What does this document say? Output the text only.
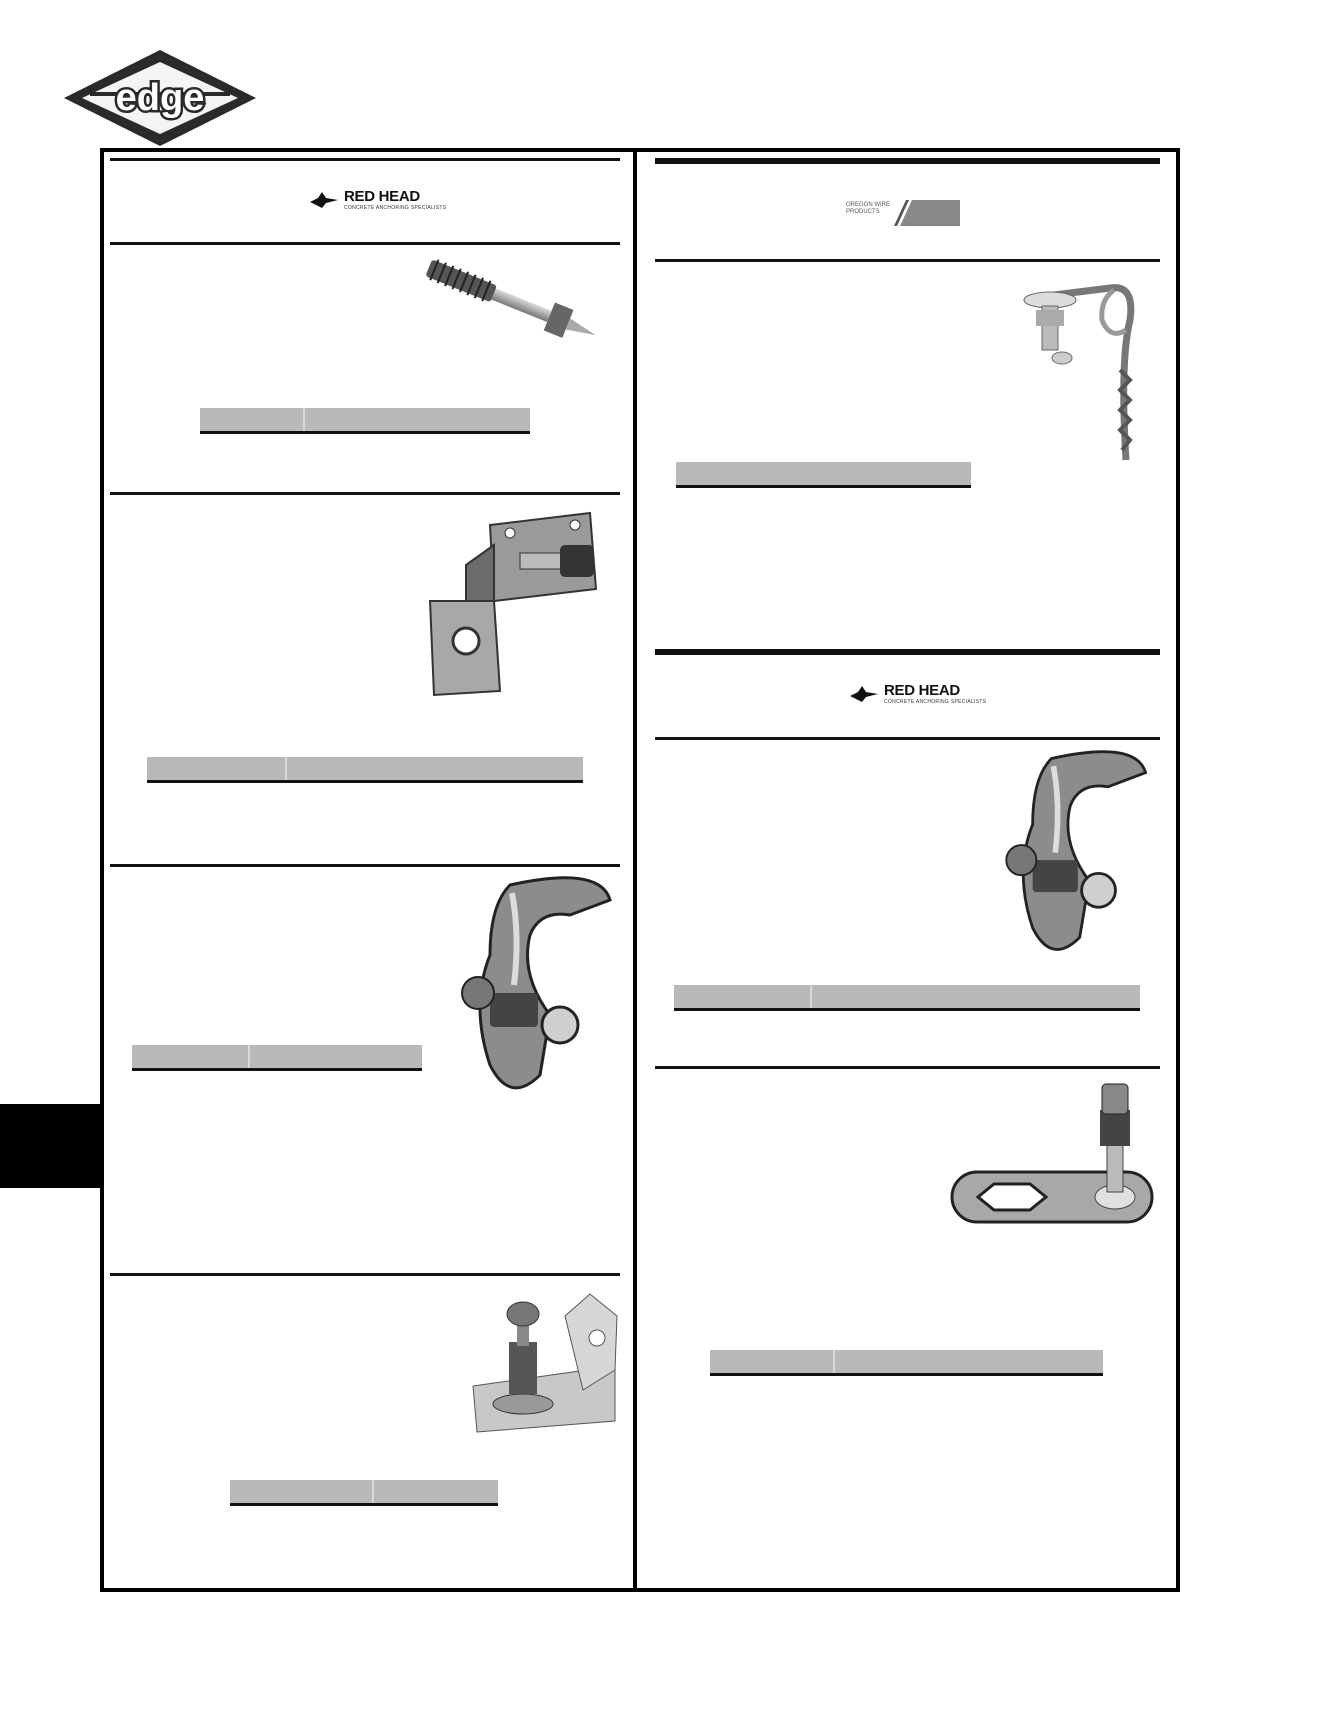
edge
RED HEAD
CONCRETE ANCHORING SPECIALISTS	OREGON WIRE
PRODUCTS
RED HEAD
CONCRETE ANCHORING SPECIALISTS
